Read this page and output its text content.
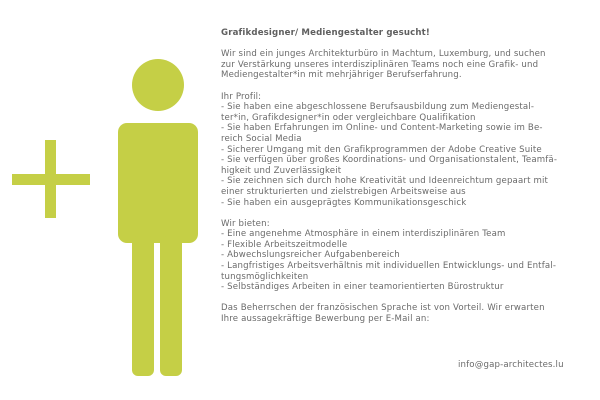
Grafikdesigner/ Mediengestalter gesucht!
Wir sind ein junges Architekturbüro in Machtum, Luxemburg, und suchen
zur Verstärkung unseres interdisziplinären Teams noch eine Grafik- und
Mediengestalter*in mit mehrjähriger Berufserfahrung.
Ihr Profil:
- Sie haben eine abgeschlossene Berufsausbildung zum Mediengestal-
ter*in, Grafikdesigner*in oder vergleichbare Qualifikation
- Sie haben Erfahrungen im Online- und Content-Marketing sowie im Be-
reich Social Media
- Sicherer Umgang mit den Grafikprogrammen der Adobe Creative Suite
- Sie verfügen über großes Koordinations- und Organisationstalent, Teamfä-
higkeit und Zuverlässigkeit
- Sie zeichnen sich durch hohe Kreativität und Ideenreichtum gepaart mit
einer strukturierten und zielstrebigen Arbeitsweise aus
- Sie haben ein ausgeprägtes Kommunikationsgeschick
Wir bieten:
- Eine angenehme Atmosphäre in einem interdisziplinären Team
- Flexible Arbeitszeitmodelle
- Abwechslungsreicher Aufgabenbereich
- Langfristiges Arbeitsverhältnis mit individuellen Entwicklungs- und Entfal-
tungsmöglichkeiten
- Selbständiges Arbeiten in einer teamorientierten Bürostruktur
Das Beherrschen der französischen Sprache ist von Vorteil. Wir erwarten
Ihre aussagekräftige Bewerbung per E-Mail an:
info@gap-architectes.lu
